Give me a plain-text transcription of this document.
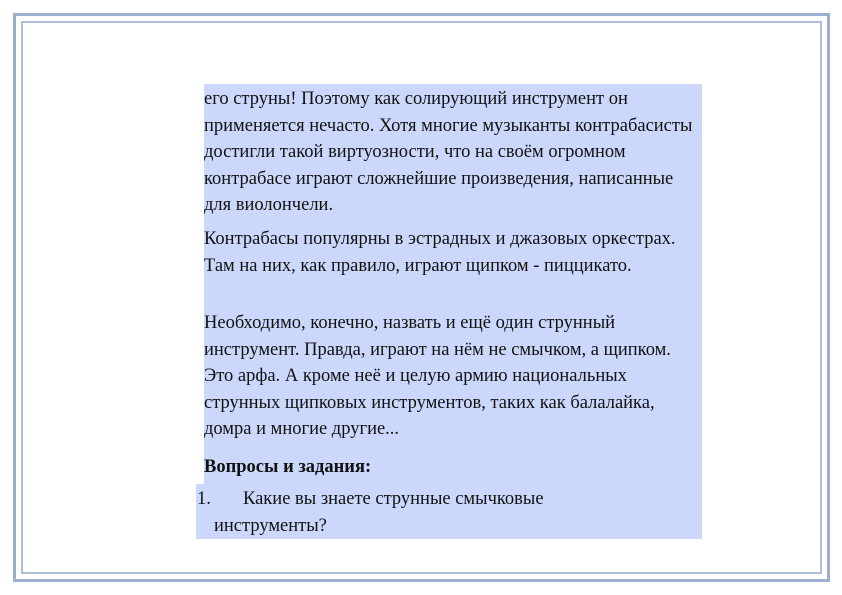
его струны! Поэтому как солирующий инструмент он применяется нечасто. Хотя многие музыканты контрабасисты достигли такой виртуозности, что на своём огромном контрабасе играют сложнейшие произведения, написанные для виолончели.

Контрабасы популярны в эстрадных и джазовых оркестрах. Там на них, как правило, играют щипком - пиццикато.

Необходимо, конечно, назвать и ещё один струнный инструмент. Правда, играют на нём не смычком, а щипком. Это арфа. А кроме неё и целую армию национальных струнных щипковых инструментов, таких как балалайка, домра и многие другие...

Вопросы и задания:

1. Какие вы знаете струнные смычковые
инструменты?
